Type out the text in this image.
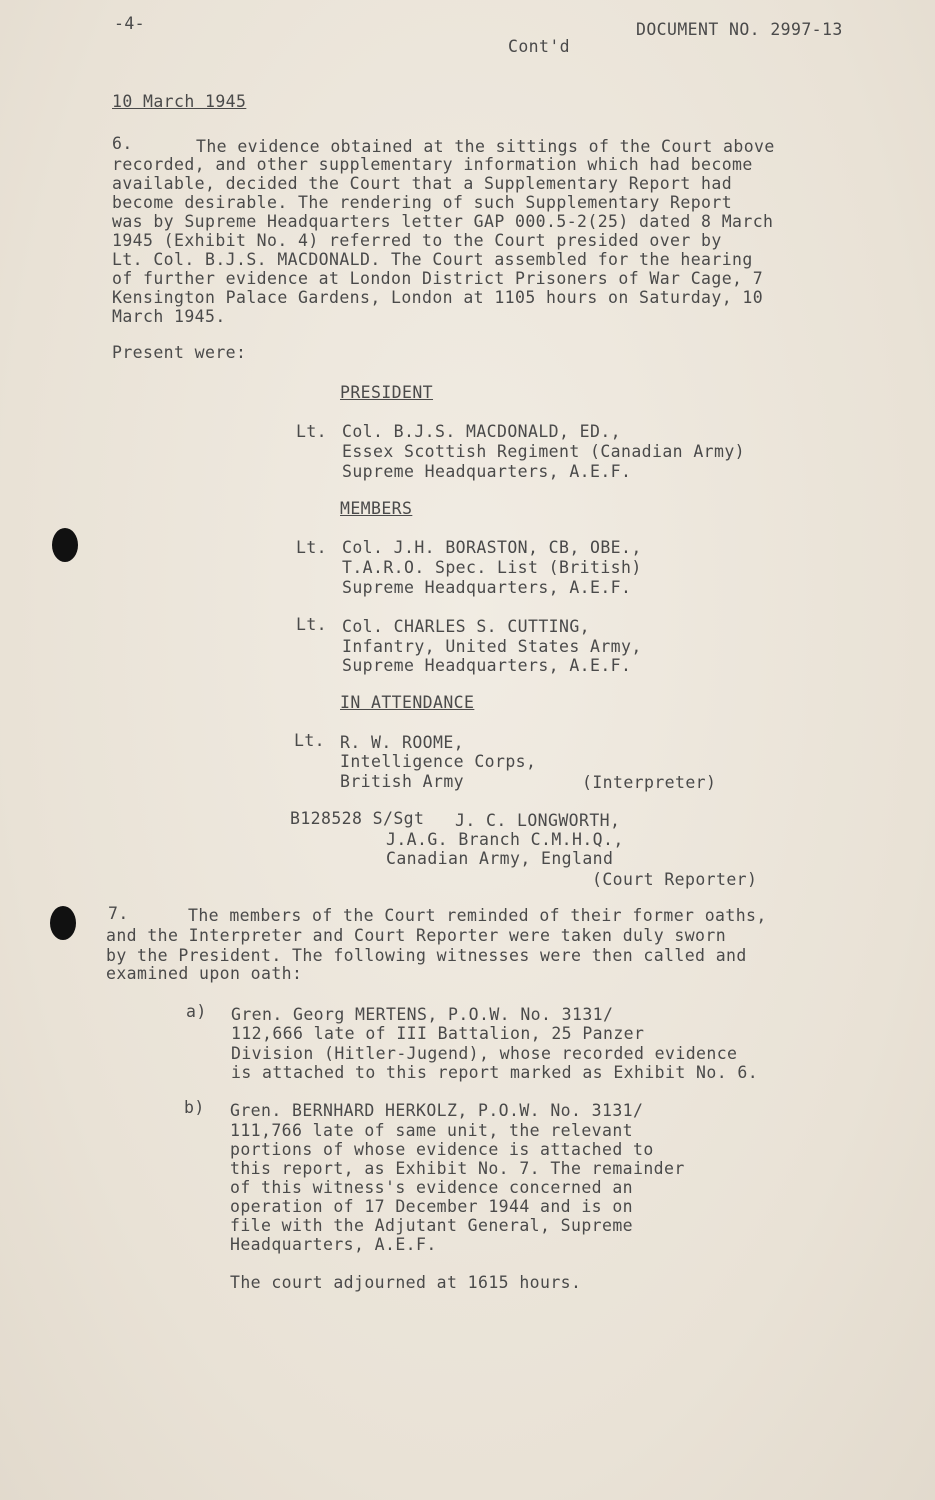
-4-	DOCUMENT NO. 2997-13
Cont'd
10 March 1945
6.	The evidence obtained at the sittings of the Court above
recorded, and other supplementary information which had become
available, decided the Court that a Supplementary Report had
become desirable. The rendering of such Supplementary Report
was by Supreme Headquarters letter GAP 000.5-2(25) dated 8 March
1945 (Exhibit No. 4) referred to the Court presided over by
Lt. Col. B.J.S. MACDONALD. The Court assembled for the hearing
of further evidence at London District Prisoners of War Cage, 7
Kensington Palace Gardens, London at 1105 hours on Saturday, 10
March 1945.
Present were:
PRESIDENT
Lt. Col. B.J.S. MACDONALD, ED.,
Essex Scottish Regiment (Canadian Army)
Supreme Headquarters, A.E.F.
MEMBERS
Lt. Col. J.H. BORASTON, CB, OBE.,
T.A.R.O. Spec. List (British)
Supreme Headquarters, A.E.F.
Lt. Col. CHARLES S. CUTTING,
Infantry, United States Army,
Supreme Headquarters, A.E.F.
IN ATTENDANCE
Lt. R. W. ROOME,
Intelligence Corps,
British Army	(Interpreter)
B128528 S/Sgt J. C. LONGWORTH,
J.A.G. Branch C.M.H.Q.,
Canadian Army, England
(Court Reporter)
7.	The members of the Court reminded of their former oaths,
and the Interpreter and Court Reporter were taken duly sworn
by the President. The following witnesses were then called and
examined upon oath:
a) Gren. Georg MERTENS, P.O.W. No. 3131/
112,666 late of III Battalion, 25 Panzer
Division (Hitler-Jugend), whose recorded evidence
is attached to this report marked as Exhibit No. 6.
b) Gren. BERNHARD HERKOLZ, P.O.W. No. 3131/
111,766 late of same unit, the relevant
portions of whose evidence is attached to
this report, as Exhibit No. 7. The remainder
of this witness's evidence concerned an
operation of 17 December 1944 and is on
file with the Adjutant General, Supreme
Headquarters, A.E.F.
The court adjourned at 1615 hours.
